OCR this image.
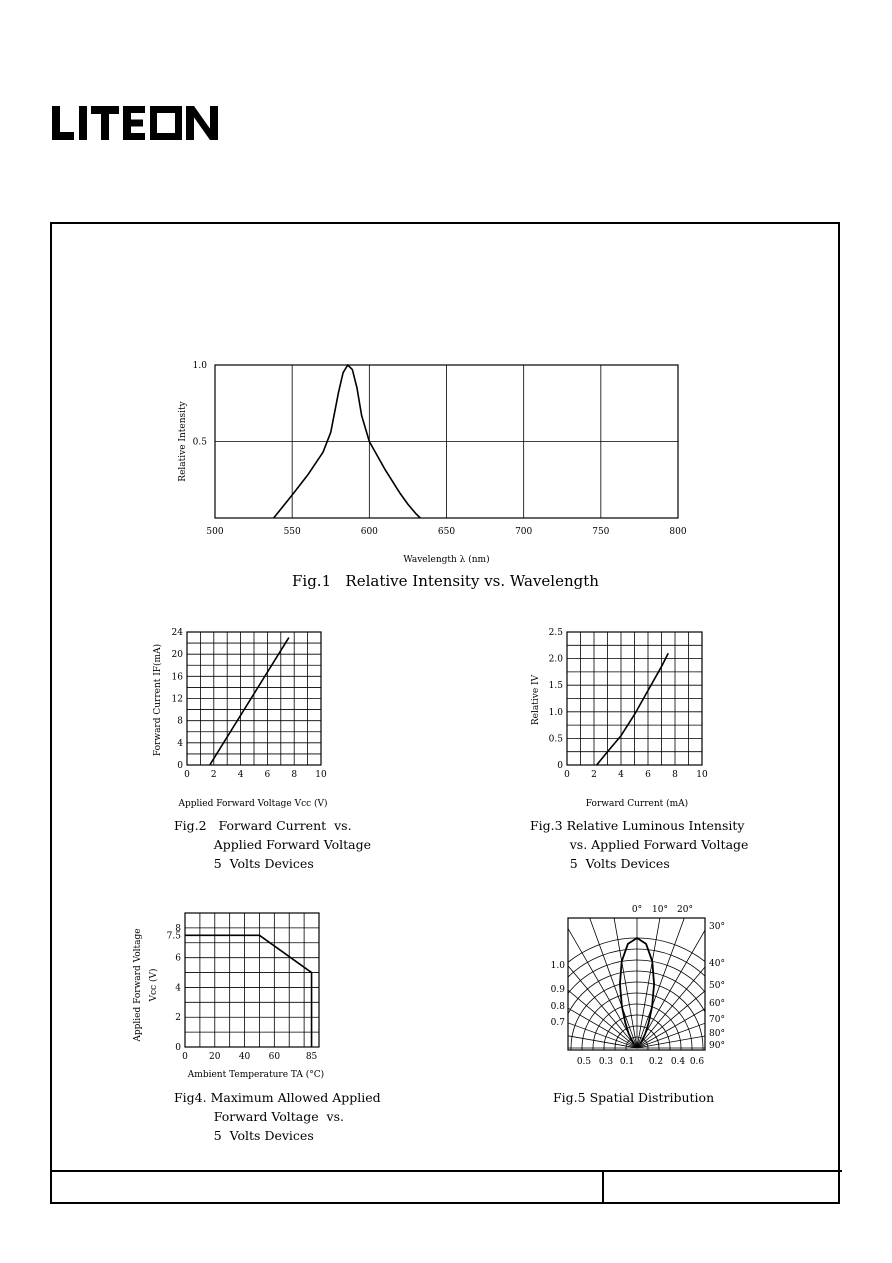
500	550	600	650	700	750	800
0.5
1.0
Wavelength λ (nm)
Relative Intensity
0 2 4 6 8 10
0
4
8
12
16
20
24
Applied Forward Voltage Vcc (V)
Forward Current IF(mA)
0 2 4 6 8 10
0
0.5
1.0
1.5
2.0
2.5
Forward Current (mA)
Relative IV
0 20 40 60	85
0
2
4
6
7.5
8
Ambient Temperature TA (°C)
Applied Forward Voltage Vcc (V)
0° 10° 20°
30°
40°
50°
60°
70°
80°
90°
1.0
0.9
0.8
0.7
0.5 0.3 0.1 0.2 0.4 0.6
Fig.1   Relative Intensity vs. Wavelength
Fig.2   Forward Current  vs.
Applied Forward Voltage
5  Volts Devices
Fig.3 Relative Luminous Intensity
vs. Applied Forward Voltage
5  Volts Devices
Fig4. Maximum Allowed Applied
Forward Voltage  vs.
5  Volts Devices
Fig.5 Spatial Distribution
